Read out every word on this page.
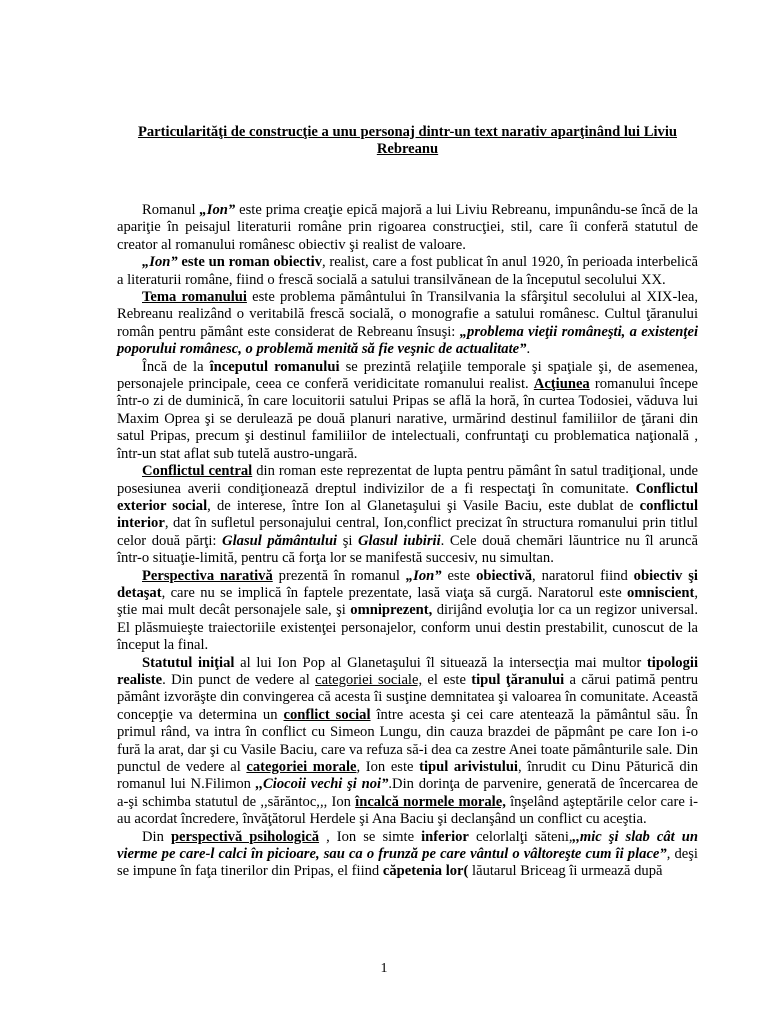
Particularităţi de construcţie a unu personaj dintr-un text narativ aparţinând lui Liviu Rebreanu

Romanul „Ion” este prima creaţie epică majoră a lui Liviu Rebreanu, impunându-se încă de la apariţie în peisajul literaturii române prin rigoarea construcţiei, stil, care îi conferă statutul de creator al romanului românesc obiectiv şi realist de valoare.

„Ion” este un roman obiectiv, realist, care a fost publicat în anul 1920, în perioada interbelică a literaturii române, fiind o frescă socială a satului transilvănean de la începutul secolului XX.

Tema romanului este problema pământului în Transilvania la sfârşitul secolului al XIX-lea, Rebreanu realizând o veritabilă frescă socială, o monografie a satului românesc. Cultul ţăranului român pentru pământ este considerat de Rebreanu însuşi: „problema vieţii româneşti, a existenţei poporului românesc, o problemă menită să fie veşnic de actualitate”.

Încă de la începutul romanului se prezintă relaţiile temporale şi spaţiale şi, de asemenea, personajele principale, ceea ce conferă veridicitate romanului realist. Acţiunea romanului începe într-o zi de duminică, în care locuitorii satului Pripas se află la horă, în curtea Todosiei, văduva lui Maxim Oprea şi se derulează pe două planuri narative, urmărind destinul familiilor de ţărani din satul Pripas, precum şi destinul familiilor de intelectuali, confruntaţi cu problematica naţională , într-un stat aflat sub tutelă austro-ungară.

Conflictul central din roman este reprezentat de lupta pentru pământ în satul tradiţional, unde posesiunea averii condiţionează dreptul indivizilor de a fi respectaţi în comunitate. Conflictul exterior social, de interese, între Ion al Glanetaşului şi Vasile Baciu, este dublat de conflictul interior, dat în sufletul personajului central, Ion,conflict precizat în structura romanului prin titlul celor două părţi: Glasul pământului şi Glasul iubirii. Cele două chemări lăuntrice nu îl aruncă într-o situaţie-limită, pentru că forţa lor se manifestă succesiv, nu simultan.

Perspectiva narativă prezentă în romanul „Ion” este obiectivă, naratorul fiind obiectiv şi detaşat, care nu se implică în faptele prezentate, lasă viaţa să curgă. Naratorul este omniscient, ştie mai mult decât personajele sale, şi omniprezent, dirijând evoluţia lor ca un regizor universal. El plăsmuieşte traiectoriile existenţei personajelor, conform unui destin prestabilit, cunoscut de la început la final.

Statutul iniţial al lui Ion Pop al Glanetaşului îl situează la intersecţia mai multor tipologii realiste. Din punct de vedere al categoriei sociale, el este tipul ţăranului a cărui patimă pentru pământ izvorăşte din convingerea că acesta îi susţine demnitatea şi valoarea în comunitate. Această concepţie va determina un conflict social între acesta şi cei care atentează la pământul său. În primul rând, va intra în conflict cu Simeon Lungu, din cauza brazdei de păpmânt pe care Ion i-o fură la arat, dar şi cu Vasile Baciu, care va refuza să-i dea ca zestre Anei toate pământurile sale. Din punctul de vedere al categoriei morale, Ion este tipul arivistului, înrudit cu Dinu Păturică din romanul lui N.Filimon ,,Ciocoii vechi şi noi”.Din dorinţa de parvenire, generată de încercarea de a-şi schimba statutul de ,,sărăntoc,,, Ion încalcă normele morale, înşelând aşteptările celor care i-au acordat încredere, învăţătorul Herdele şi Ana Baciu şi declanşând un conflict cu aceştia.

Din perspectivă psihologică , Ion se simte inferior celorlalţi săteni,,,mic şi slab cât un vierme pe care-l calci în picioare, sau ca o frunză pe care vântul o vâltoreşte cum îi place”, deşi se impune în faţa tinerilor din Pripas, el fiind căpetenia lor( lăutarul Briceag îi urmează după

1
